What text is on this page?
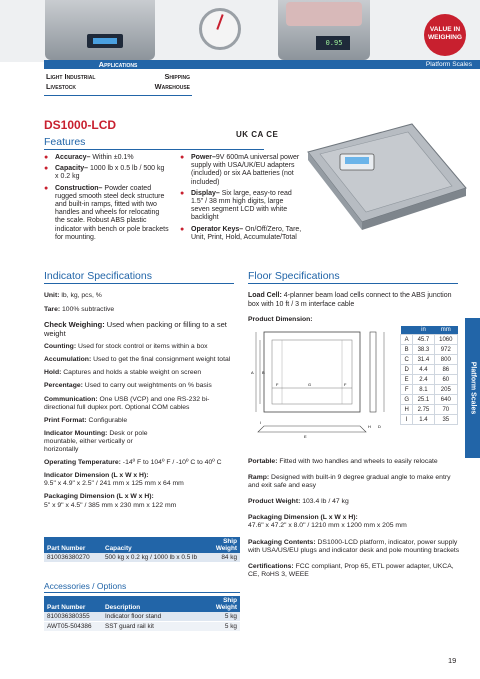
0.95
VALUE IN
WEIGHING
Applications
Light Industrial	Shipping
Livestock	Warehouse
Platform Scales
DS1000-LCD
UK CA CE
Features
● Accuracy– Within ±0.1%
● Capacity– 1000 lb x 0.5 lb / 500 kg x 0.2 kg
● Construction– Powder coated rugged smooth steel deck structure and built-in ramps, fitted with two handles and wheels for relocating the scale. Robust ABS plastic indicator with bench or pole brackets for mounting.
● Power–9V 600mA universal power supply with USA/UK/EU adapters (included) or six AA batteries (not included)
● Display– Six large, easy-to read 1.5" / 38 mm high digits, large seven segment LCD with white backlight
● Operator Keys– On/Off/Zero, Tare, Unit, Print, Hold, Accumulate/Total
Indicator Specifications
Unit: lb, kg, pcs, %
Tare: 100% subtractive
Check Weighing: Used when packing or filling to a set weight
Counting: Used for stock control or items within a box
Accumulation: Used to get the final consignment weight total
Hold: Captures and holds a stable weight on screen
Percentage: Used to carry out weightments on % basis
Communication: One USB (VCP) and one RS-232 bi-directional full duplex port. Optional COM cables
Print Format: Configurable
Indicator Mounting: Desk or pole mountable, either vertically or horizontally
Operating Temperature: -14º F to 104º F / -10º C to 40º C
Indicator Dimension (L x W x H):
9.5" x 4.9" x 2.5" / 241 mm x 125 mm x 64 mm
Packaging Dimension (L x W x H):
5" x 9" x 4.5" / 385 mm x 230 mm x 122 mm
Part Number	Capacity	Ship Weight
810036380270	500 kg x 0.2 kg / 1000 lb x 0.5 lb	84 kg
Accessories / Options
Part Number	Description	Ship Weight
810036380355	Indicator floor stand	5 kg
AWT05-504386	SST guard rail kit	5 kg
Floor Specifications
Load Cell: 4-planner beam load cells connect to the ABS junction box with 10 ft / 3 m interface cable
Product Dimension:
A B
G
F	F
I
E
H D
	in	mm
A	45.7	1060
B	38.3	972
C	31.4	800
D	4.4	86
E	2.4	60
F	8.1	205
G	25.1	640
H	2.75	70
I	1.4	35
Portable: Fitted with two handles and wheels to easily relocate
Ramp: Designed with built-in 9 degree gradual angle to make entry and exit safe and easy
Product Weight: 103.4 lb / 47 kg
Packaging Dimension (L x W x H):
47.6" x 47.2" x 8.0" / 1210 mm x 1200 mm x 205 mm
Packaging Contents: DS1000-LCD platform, indicator, power supply with USA/US/EU plugs and indicator desk and pole mounting brackets
Certifications: FCC compliant, Prop 65, ETL power adapter, UKCA, CE, RoHS 3, WEEE
Platform Scales
19
